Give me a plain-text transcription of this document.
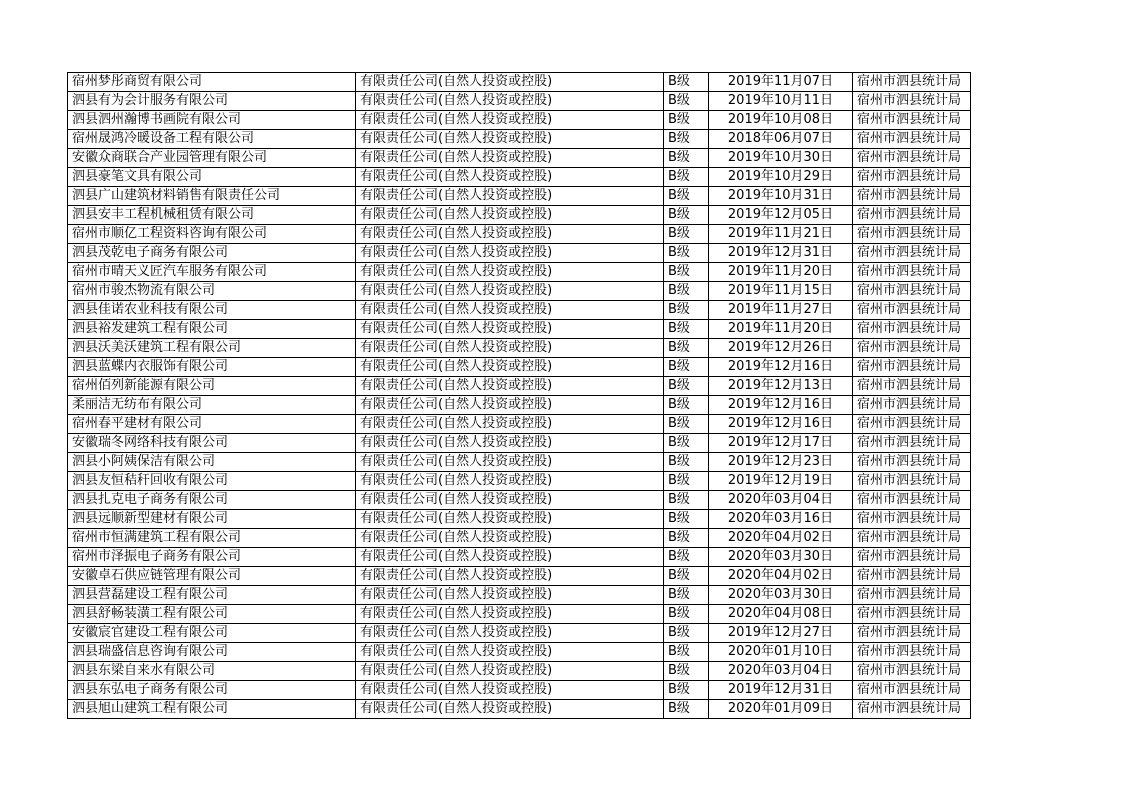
宿州梦彤商贸有限公司	有限责任公司(自然人投资或控股)	B级	2019年11月07日	宿州市泗县统计局
泗县有为会计服务有限公司	有限责任公司(自然人投资或控股)	B级	2019年10月11日	宿州市泗县统计局
泗县泗州瀚博书画院有限公司	有限责任公司(自然人投资或控股)	B级	2019年10月08日	宿州市泗县统计局
宿州晟鸿冷暖设备工程有限公司	有限责任公司(自然人投资或控股)	B级	2018年06月07日	宿州市泗县统计局
安徽众商联合产业园管理有限公司	有限责任公司(自然人投资或控股)	B级	2019年10月30日	宿州市泗县统计局
泗县豪笔文具有限公司	有限责任公司(自然人投资或控股)	B级	2019年10月29日	宿州市泗县统计局
泗县广山建筑材料销售有限责任公司	有限责任公司(自然人投资或控股)	B级	2019年10月31日	宿州市泗县统计局
泗县安丰工程机械租赁有限公司	有限责任公司(自然人投资或控股)	B级	2019年12月05日	宿州市泗县统计局
宿州市顺亿工程资料咨询有限公司	有限责任公司(自然人投资或控股)	B级	2019年11月21日	宿州市泗县统计局
泗县茂乾电子商务有限公司	有限责任公司(自然人投资或控股)	B级	2019年12月31日	宿州市泗县统计局
宿州市晴天义匠汽车服务有限公司	有限责任公司(自然人投资或控股)	B级	2019年11月20日	宿州市泗县统计局
宿州市骏杰物流有限公司	有限责任公司(自然人投资或控股)	B级	2019年11月15日	宿州市泗县统计局
泗县佳诺农业科技有限公司	有限责任公司(自然人投资或控股)	B级	2019年11月27日	宿州市泗县统计局
泗县裕发建筑工程有限公司	有限责任公司(自然人投资或控股)	B级	2019年11月20日	宿州市泗县统计局
泗县沃美沃建筑工程有限公司	有限责任公司(自然人投资或控股)	B级	2019年12月26日	宿州市泗县统计局
泗县蓝蝶内衣服饰有限公司	有限责任公司(自然人投资或控股)	B级	2019年12月16日	宿州市泗县统计局
宿州佰列新能源有限公司	有限责任公司(自然人投资或控股)	B级	2019年12月13日	宿州市泗县统计局
柔丽洁无纺布有限公司	有限责任公司(自然人投资或控股)	B级	2019年12月16日	宿州市泗县统计局
宿州春平建材有限公司	有限责任公司(自然人投资或控股)	B级	2019年12月16日	宿州市泗县统计局
安徽瑞冬网络科技有限公司	有限责任公司(自然人投资或控股)	B级	2019年12月17日	宿州市泗县统计局
泗县小阿姨保洁有限公司	有限责任公司(自然人投资或控股)	B级	2019年12月23日	宿州市泗县统计局
泗县友恒秸秆回收有限公司	有限责任公司(自然人投资或控股)	B级	2019年12月19日	宿州市泗县统计局
泗县扎克电子商务有限公司	有限责任公司(自然人投资或控股)	B级	2020年03月04日	宿州市泗县统计局
泗县远顺新型建材有限公司	有限责任公司(自然人投资或控股)	B级	2020年03月16日	宿州市泗县统计局
宿州市恒满建筑工程有限公司	有限责任公司(自然人投资或控股)	B级	2020年04月02日	宿州市泗县统计局
宿州市泽振电子商务有限公司	有限责任公司(自然人投资或控股)	B级	2020年03月30日	宿州市泗县统计局
安徽卓石供应链管理有限公司	有限责任公司(自然人投资或控股)	B级	2020年04月02日	宿州市泗县统计局
泗县营磊建设工程有限公司	有限责任公司(自然人投资或控股)	B级	2020年03月30日	宿州市泗县统计局
泗县舒畅装潢工程有限公司	有限责任公司(自然人投资或控股)	B级	2020年04月08日	宿州市泗县统计局
安徽宸官建设工程有限公司	有限责任公司(自然人投资或控股)	B级	2019年12月27日	宿州市泗县统计局
泗县瑞盛信息咨询有限公司	有限责任公司(自然人投资或控股)	B级	2020年01月10日	宿州市泗县统计局
泗县东梁自来水有限公司	有限责任公司(自然人投资或控股)	B级	2020年03月04日	宿州市泗县统计局
泗县东弘电子商务有限公司	有限责任公司(自然人投资或控股)	B级	2019年12月31日	宿州市泗县统计局
泗县旭山建筑工程有限公司	有限责任公司(自然人投资或控股)	B级	2020年01月09日	宿州市泗县统计局
